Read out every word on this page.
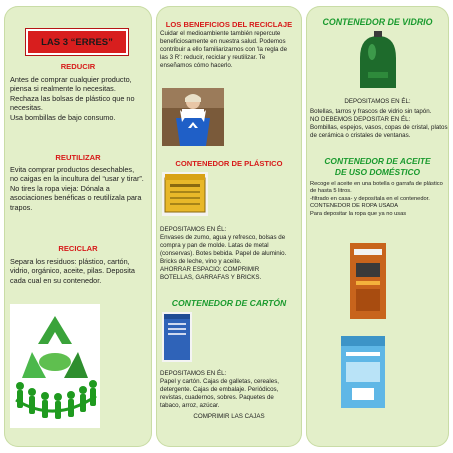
LAS 3 “ERRES”
REDUCIR
Antes de comprar cualquier producto,
piensa si realmente lo necesitas.
Rechaza las bolsas de plástico que no
necesitas.
Usa bombillas de bajo consumo.
REUTILIZAR
Evita comprar productos desechables,
no caigas en la incultura del “usar y tirar”.
No tires la ropa vieja: Dónala a
asociaciones benéficas o reutilízala para
trapos.
RECICLAR
Separa los residuos: plástico, cartón,
vidrio, orgánico, aceite, pilas. Deposita
cada cual en su contenedor.
LOS BENEFICIOS DEL RECICLAJE
Cuidar el medioambiente también repercute
beneficiosamente en nuestra salud. Podemos
contribuir a ello familiarizarnos con 'la regla de
las 3 R': reducir, reciclar y reutilizar. Te
enseñamos cómo hacerlo.
CONTENEDOR DE PLÁSTICO
DEPOSITAMOS EN ÉL:
Envases de zumo, agua y refresco, bolsas de
compra y pan de molde. Latas de metal
(conservas). Botes bebida. Papel de aluminio.
Bricks de leche, vino y aceite.
AHORRAR ESPACIO: COMPRIMIR
BOTELLAS, GARRAFAS Y BRICKS.
CONTENEDOR DE CARTÓN
DEPOSITAMOS EN ÉL:
Papel y cartón. Cajas de galletas, cereales,
detergente. Cajas de embalaje. Periódicos,
revistas, cuadernos, sobres. Paquetes de
tabaco, arroz, azúcar.
COMPRIMIR LAS CAJAS
CONTENEDOR DE VIDRIO
DEPOSITAMOS EN ÉL:
Botellas, tarros y frascos de vidrio sin tapón.
NO DEBEMOS DEPOSITAR EN ÉL:
Bombillas, espejos, vasos, copas de cristal, platos
de cerámica o cristales de ventanas.
CONTENEDOR DE ACEITE
DE USO DOMÉSTICO
Recoge el aceite en una botella o garrafa de plástico
de hasta 5 litros.
-filtrado en casa- y deposítala en el contenedor.
CONTENEDOR DE ROPA USADA
Para depositar la ropa que ya no usas
